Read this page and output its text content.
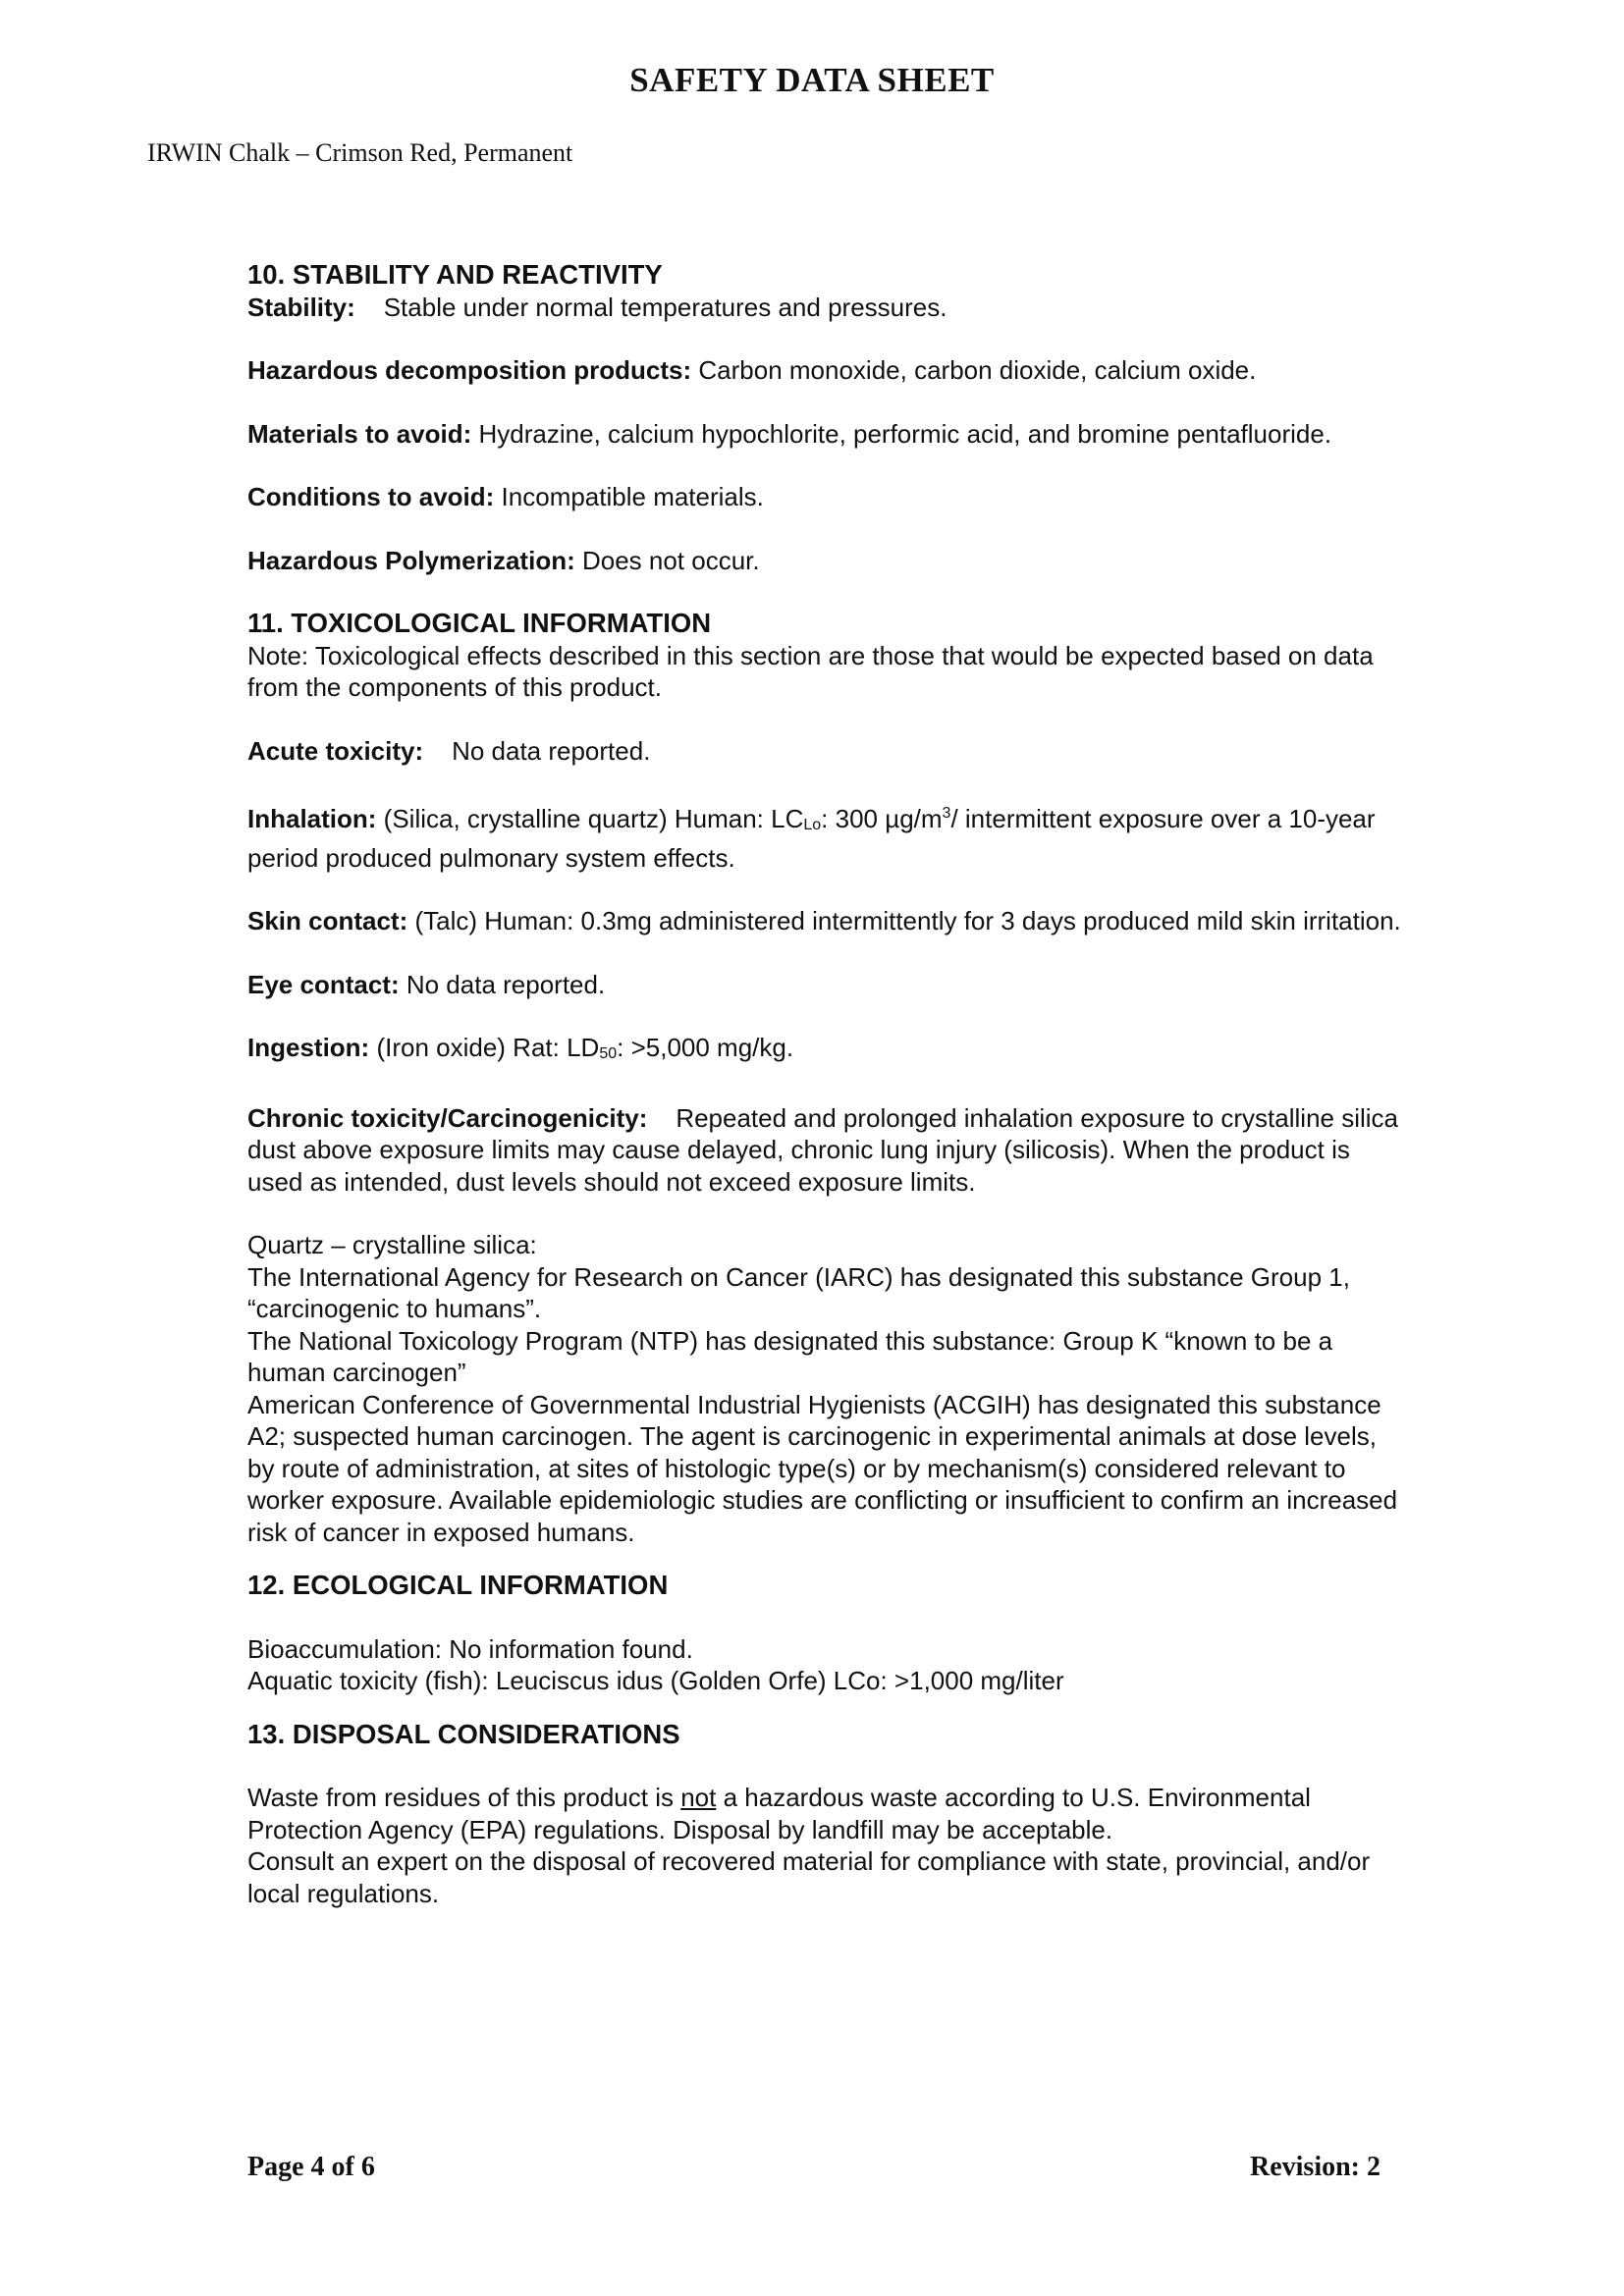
SAFETY DATA SHEET
IRWIN Chalk – Crimson Red, Permanent
10. STABILITY AND REACTIVITY

Stability: Stable under normal temperatures and pressures.

Hazardous decomposition products: Carbon monoxide, carbon dioxide, calcium oxide.

Materials to avoid: Hydrazine, calcium hypochlorite, performic acid, and bromine pentafluoride.

Conditions to avoid: Incompatible materials.

Hazardous Polymerization: Does not occur.

11. TOXICOLOGICAL INFORMATION

Note: Toxicological effects described in this section are those that would be expected based on data from the components of this product.

Acute toxicity: No data reported.

Inhalation: (Silica, crystalline quartz) Human: LCLo: 300 $\mu g/m^3/$ intermittent exposure over a 10-year period produced pulmonary system effects.

Skin contact: (Talc) Human: 0.3mg administered intermittently for 3 days produced mild skin irritation.

Eye contact: No data reported.

Ingestion: (Iron oxide) Rat: LD50: >5,000 mg/kg.

Chronic toxicity/Carcinogenicity: Repeated and prolonged inhalation exposure to crystalline silica dust above exposure limits may cause delayed, chronic lung injury (silicosis). When the product is used as intended, dust levels should not exceed exposure limits.

Quartz – crystalline silica:

The International Agency for Research on Cancer (IARC) has designated this substance Group 1, “carcinogenic to humans”.

The National Toxicology Program (NTP) has designated this substance: Group K “known to be a human carcinogen”

American Conference of Governmental Industrial Hygienists (ACGIH) has designated this substance A2; suspected human carcinogen. The agent is carcinogenic in experimental animals at dose levels, by route of administration, at sites of histologic type(s) or by mechanism(s) considered relevant to worker exposure. Available epidemiologic studies are conflicting or insufficient to confirm an increased risk of cancer in exposed humans.

12. ECOLOGICAL INFORMATION

Bioaccumulation: No information found.

Aquatic toxicity (fish): Leuciscus idus (Golden Orfe) LCo: >1,000 mg/liter

13. DISPOSAL CONSIDERATIONS

Waste from residues of this product is not a hazardous waste according to U.S. Environmental Protection Agency (EPA) regulations. Disposal by landfill may be acceptable.

Consult an expert on the disposal of recovered material for compliance with state, provincial, and/or local regulations.

Page 4 of 6	Revision: 2
